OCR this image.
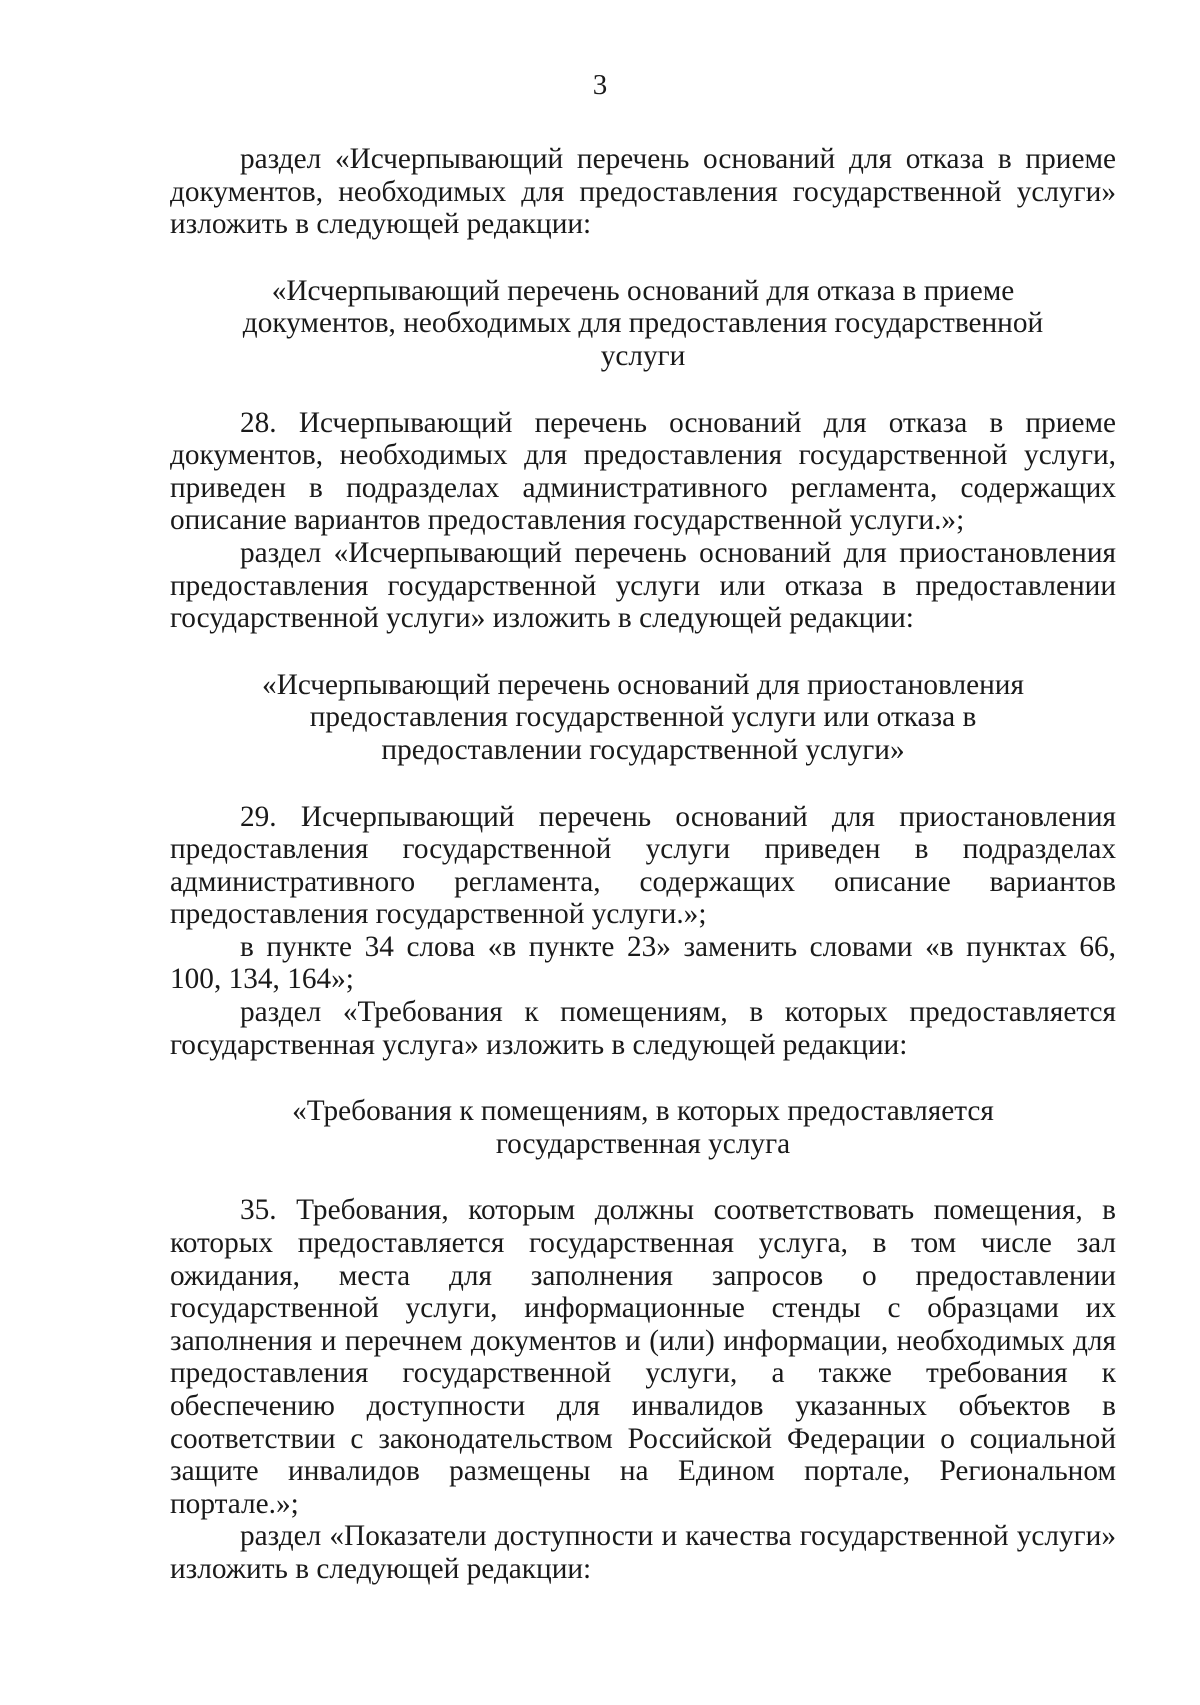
3

раздел «Исчерпывающий перечень оснований для отказа в приеме документов, необходимых для предоставления государственной услуги» изложить в следующей редакции:

«Исчерпывающий перечень оснований для отказа в приеме документов, необходимых для предоставления государственной услуги

28. Исчерпывающий перечень оснований для отказа в приеме документов, необходимых для предоставления государственной услуги, приведен в подразделах административного регламента, содержащих описание вариантов предоставления государственной услуги.»;

раздел «Исчерпывающий перечень оснований для приостановления предоставления государственной услуги или отказа в предоставлении государственной услуги» изложить в следующей редакции:

«Исчерпывающий перечень оснований для приостановления предоставления государственной услуги или отказа в предоставлении государственной услуги»

29. Исчерпывающий перечень оснований для приостановления предоставления государственной услуги приведен в подразделах административного регламента, содержащих описание вариантов предоставления государственной услуги.»;

в пункте 34 слова «в пункте 23» заменить словами «в пунктах 66, 100, 134, 164»;

раздел «Требования к помещениям, в которых предоставляется государственная услуга» изложить в следующей редакции:

«Требования к помещениям, в которых предоставляется государственная услуга

35. Требования, которым должны соответствовать помещения, в которых предоставляется государственная услуга, в том числе зал ожидания, места для заполнения запросов о предоставлении государственной услуги, информационные стенды с образцами их заполнения и перечнем документов и (или) информации, необходимых для предоставления государственной услуги, а также требования к обеспечению доступности для инвалидов указанных объектов в соответствии с законодательством Российской Федерации о социальной защите инвалидов размещены на Едином портале, Региональном портале.»;

раздел «Показатели доступности и качества государственной услуги» изложить в следующей редакции:
